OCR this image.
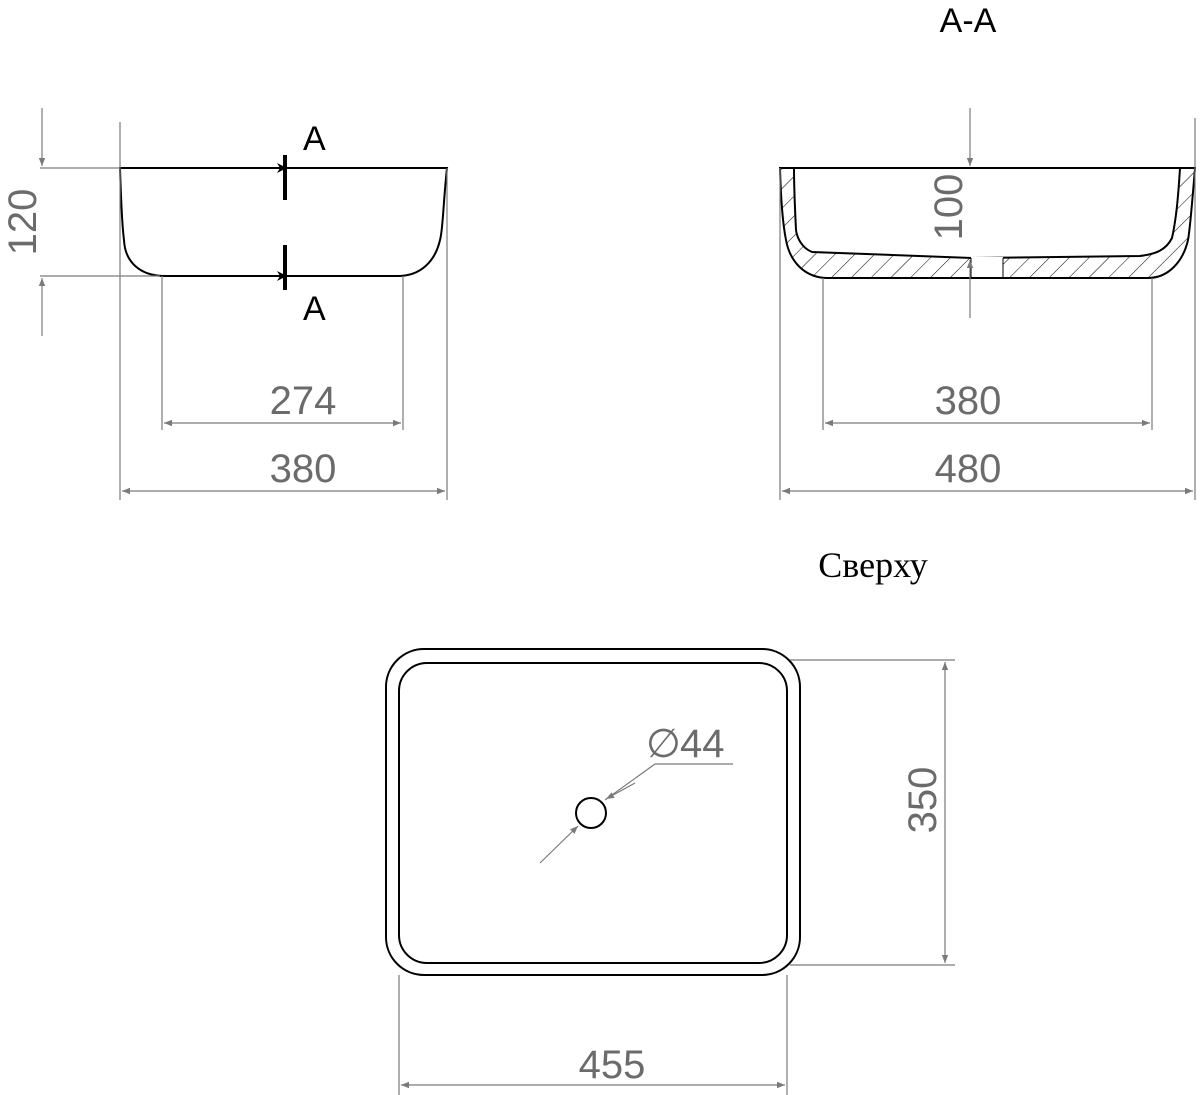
120
274
380
A
A
A-A
100
380
480
Сверху
∅ 44
350
455
